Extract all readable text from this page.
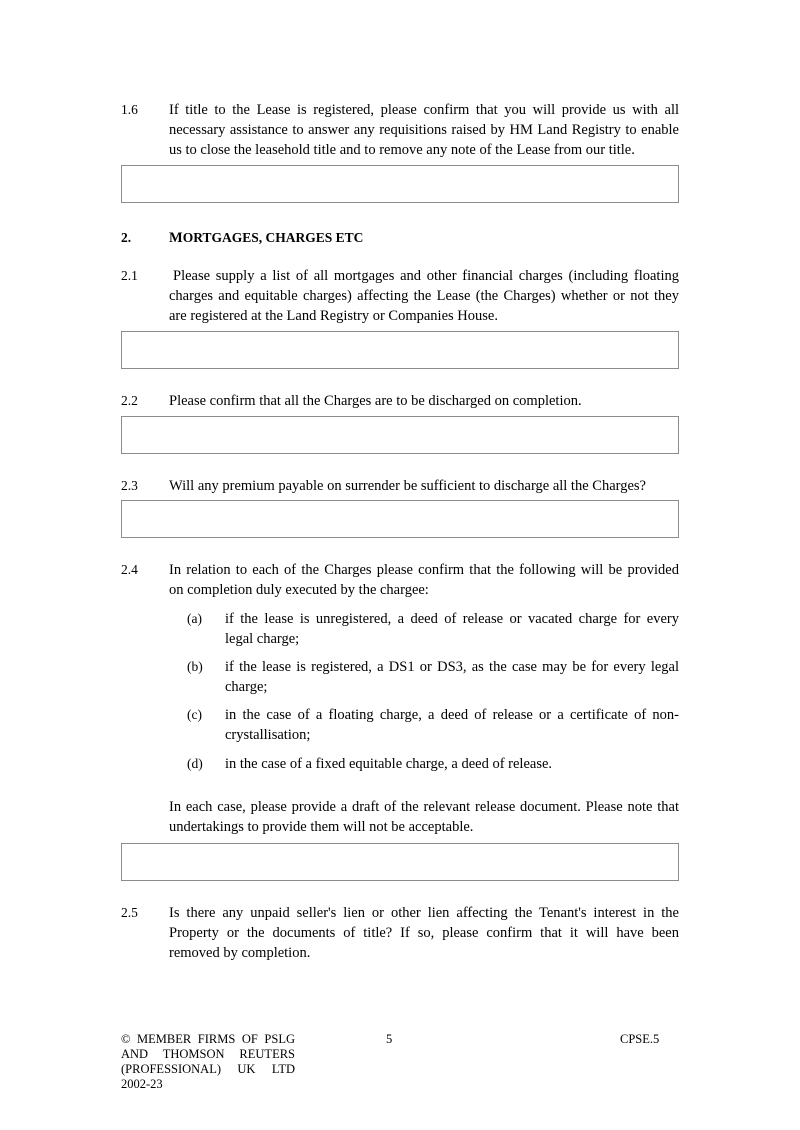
1.6	If title to the Lease is registered, please confirm that you will provide us with all
necessary assistance to answer any requisitions raised by HM Land Registry to enable
us to close the leasehold title and to remove any note of the Lease from our title.
2.	MORTGAGES, CHARGES ETC
2.1	Please supply a list of all mortgages and other financial charges (including floating
charges and equitable charges) affecting the Lease (the Charges) whether or not they
are registered at the Land Registry or Companies House.
2.2	Please confirm that all the Charges are to be discharged on completion.
2.3	Will any premium payable on surrender be sufficient to discharge all the Charges?
2.4	In relation to each of the Charges please confirm that the following will be provided
on completion duly executed by the chargee:
(a)	if the lease is unregistered, a deed of release or vacated charge for every
legal charge;
(b)	if the lease is registered, a DS1 or DS3, as the case may be for every legal
charge;
(c)	in the case of a floating charge, a deed of release or a certificate of non-
crystallisation;
(d)	in the case of a fixed equitable charge, a deed of release.
In each case, please provide a draft of the relevant release document. Please note that
undertakings to provide them will not be acceptable.
2.5	Is there any unpaid seller's lien or other lien affecting the Tenant's interest in the
Property or the documents of title? If so, please confirm that it will have been
removed by completion.
© MEMBER FIRMS OF PSLG
AND THOMSON REUTERS
(PROFESSIONAL) UK LTD
2002-23
5	CPSE.5
